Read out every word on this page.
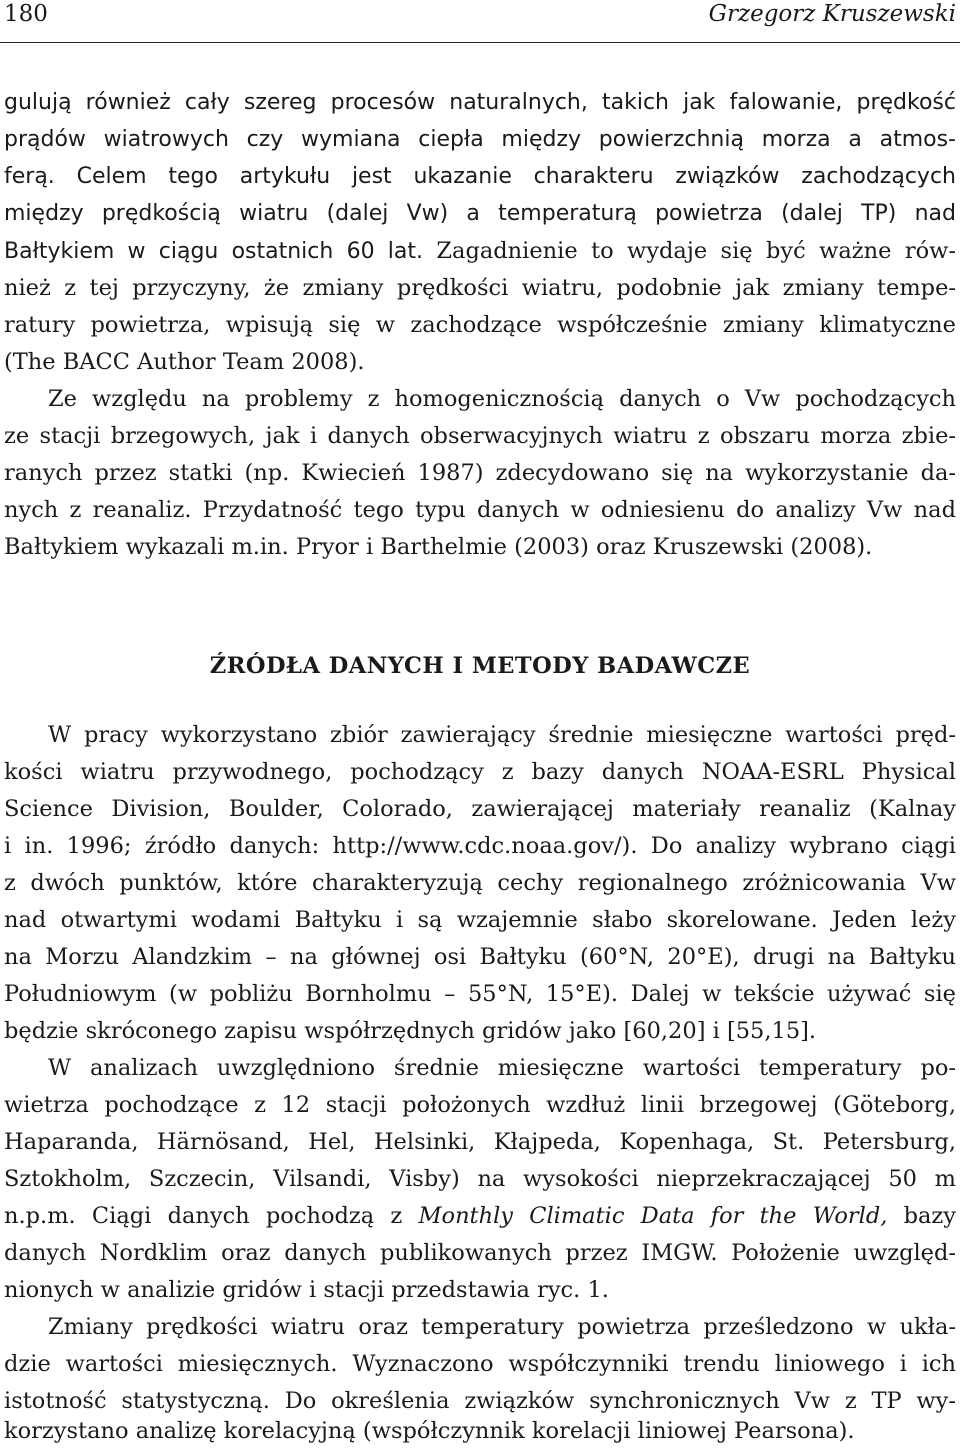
180	Grzegorz Kruszewski
gulują również cały szereg procesów naturalnych, takich jak falowanie, prędkość
prądów wiatrowych czy wymiana ciepła między powierzchnią morza a atmos-
ferą. Celem tego artykułu jest ukazanie charakteru związków zachodzących
między prędkością wiatru (dalej Vw) a temperaturą powietrza (dalej TP) nad
Bałtykiem w ciągu ostatnich 60 lat. Zagadnienie to wydaje się być ważne rów-
nież z tej przyczyny, że zmiany prędkości wiatru, podobnie jak zmiany tempe-
ratury powietrza, wpisują się w zachodzące współcześnie zmiany klimatyczne
(The BACC Author Team 2008).
Ze względu na problemy z homogenicznością danych o Vw pochodzących
ze stacji brzegowych, jak i danych obserwacyjnych wiatru z obszaru morza zbie-
ranych przez statki (np. Kwiecień 1987) zdecydowano się na wykorzystanie da-
nych z reanaliz. Przydatność tego typu danych w odniesienu do analizy Vw nad
Bałtykiem wykazali m.in. Pryor i Barthelmie (2003) oraz Kruszewski (2008).
ŹRÓDŁA DANYCH I METODY BADAWCZE
W pracy wykorzystano zbiór zawierający średnie miesięczne wartości pręd-
kości wiatru przywodnego, pochodzący z bazy danych NOAA-ESRL Physical
Science Division, Boulder, Colorado, zawierającej materiały reanaliz (Kalnay
i in. 1996; źródło danych: http://www.cdc.noaa.gov/). Do analizy wybrano ciągi
z dwóch punktów, które charakteryzują cechy regionalnego zróżnicowania Vw
nad otwartymi wodami Bałtyku i są wzajemnie słabo skorelowane. Jeden leży
na Morzu Alandzkim – na głównej osi Bałtyku (60°N, 20°E), drugi na Bałtyku
Południowym (w pobliżu Bornholmu – 55°N, 15°E). Dalej w tekście używać się
będzie skróconego zapisu współrzędnych gridów jako [60,20] i [55,15].
W analizach uwzględniono średnie miesięczne wartości temperatury po-
wietrza pochodzące z 12 stacji położonych wzdłuż linii brzegowej (Göteborg,
Haparanda, Härnösand, Hel, Helsinki, Kłajpeda, Kopenhaga, St. Petersburg,
Sztokholm, Szczecin, Vilsandi, Visby) na wysokości nieprzekraczającej 50 m
n.p.m. Ciągi danych pochodzą z Monthly Climatic Data for the World, bazy
danych Nordklim oraz danych publikowanych przez IMGW. Położenie uwzględ-
nionych w analizie gridów i stacji przedstawia ryc. 1.
Zmiany prędkości wiatru oraz temperatury powietrza prześledzono w ukła-
dzie wartości miesięcznych. Wyznaczono współczynniki trendu liniowego i ich
istotność statystyczną. Do określenia związków synchronicznych Vw z TP wy-
korzystano analizę korelacyjną (współczynnik korelacji liniowej Pearsona).
